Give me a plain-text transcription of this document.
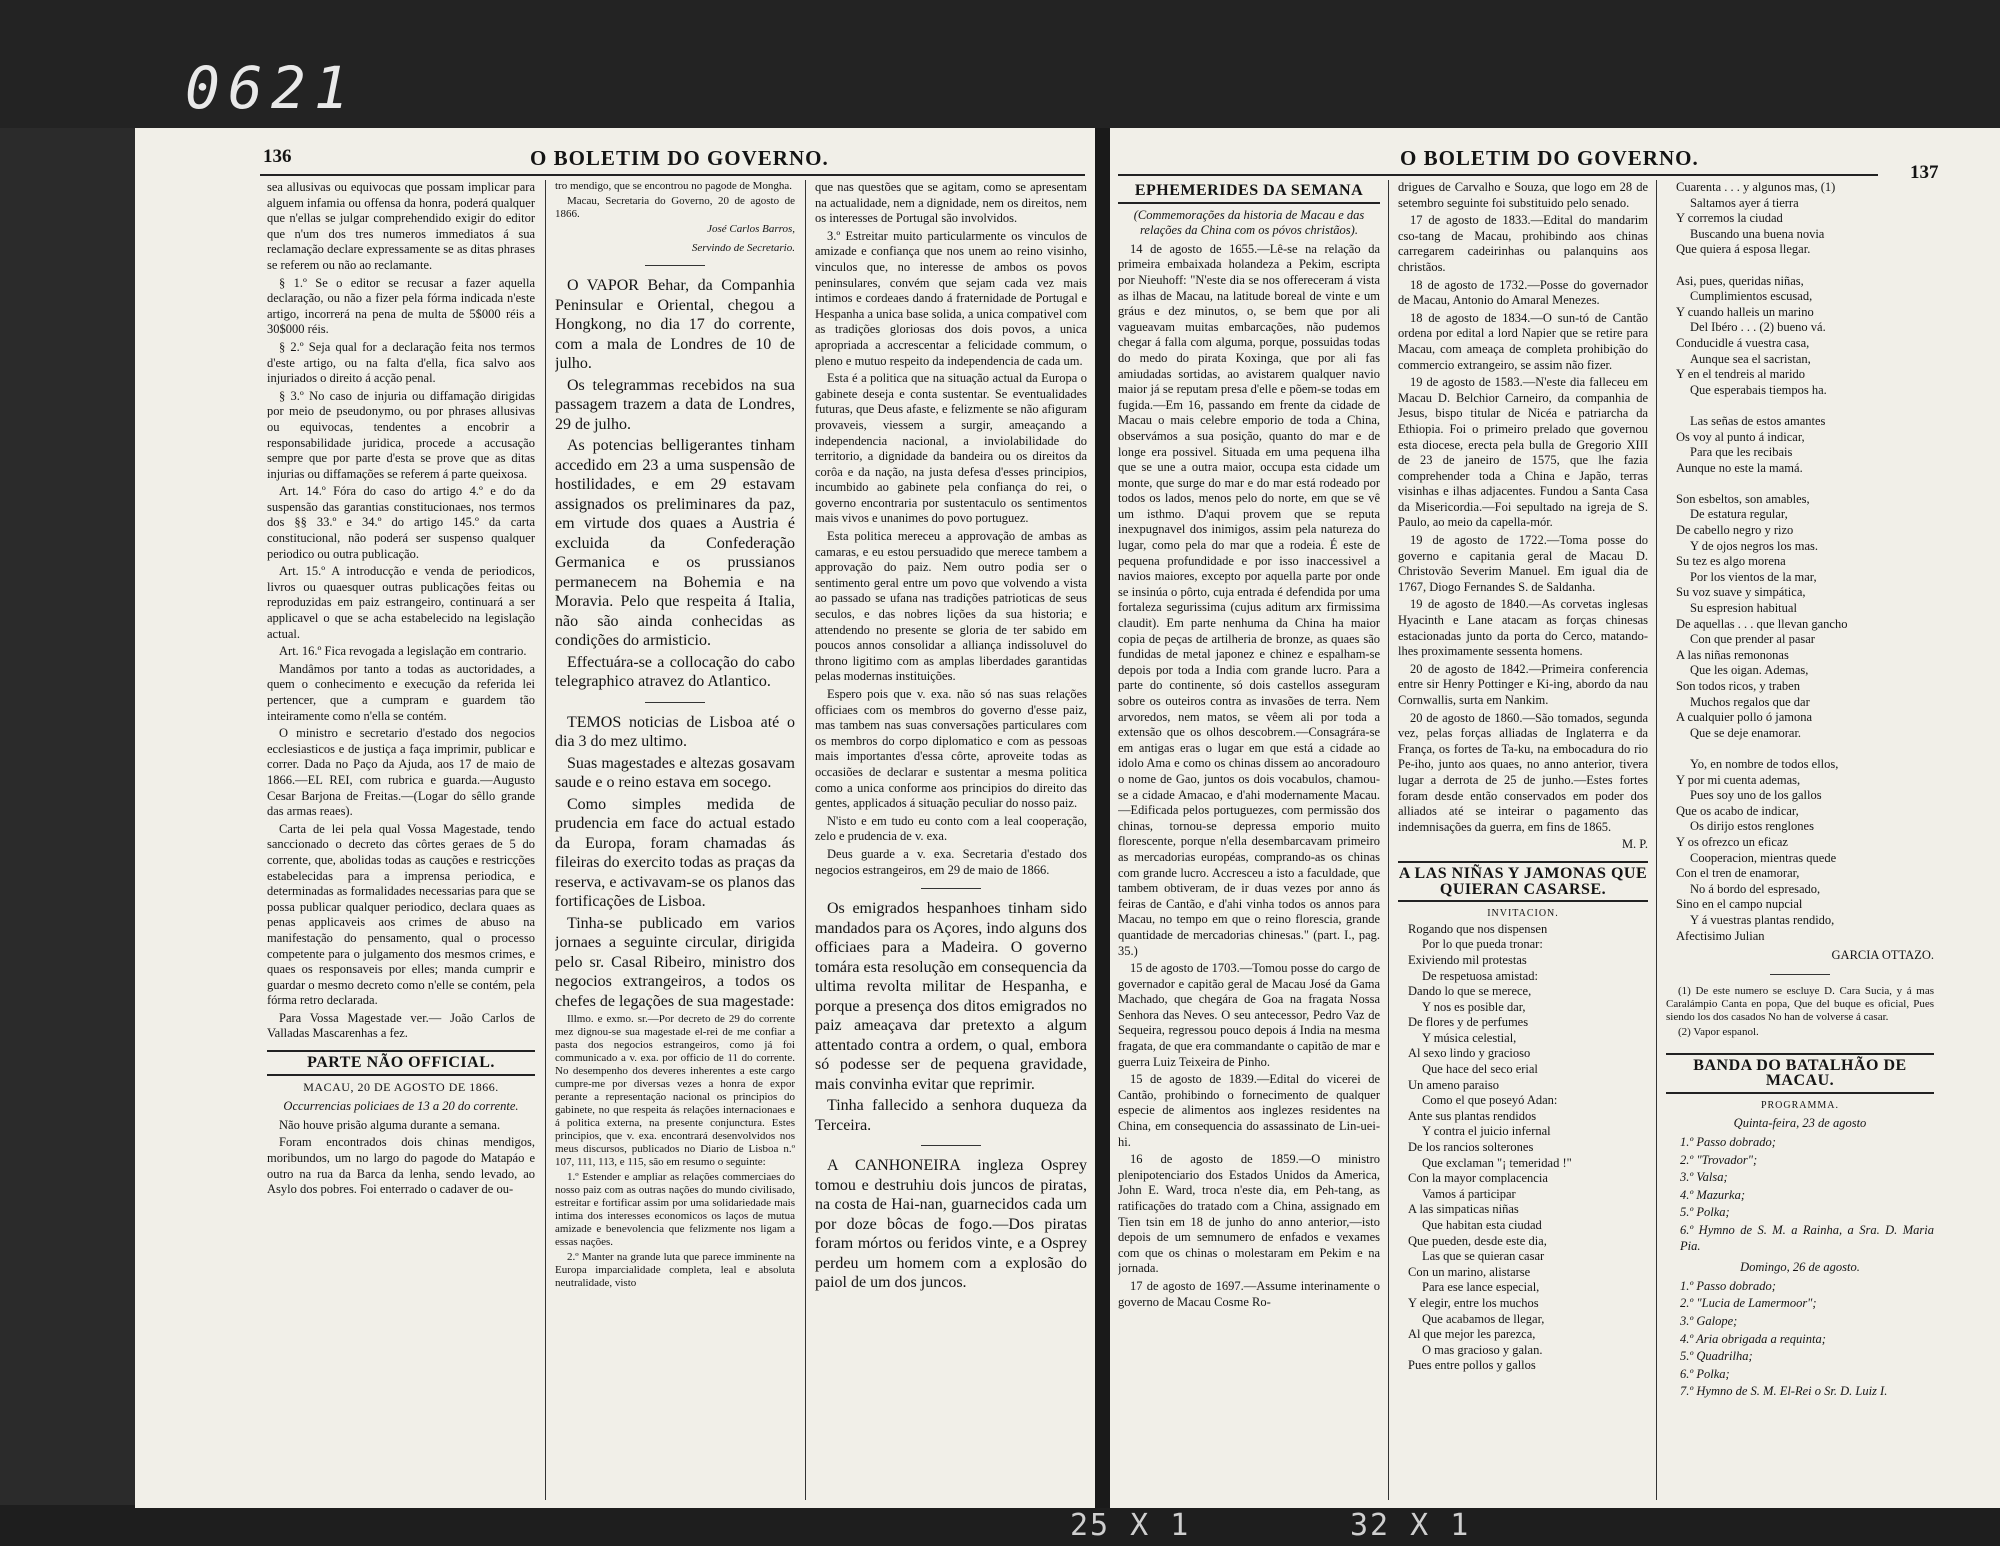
0621
25 X 1	32 X 1
136	O BOLETIM DO GOVERNO.

sea allusivas ou equivocas que possam implicar para alguem infamia ou offensa da honra, poderá qualquer que n'ellas se julgar comprehendido exigir do editor que n'um dos tres numeros immediatos á sua reclamação declare expressamente se as ditas phrases se referem ou não ao reclamante.

§ 1.º Se o editor se recusar a fazer aquella declaração, ou não a fizer pela fórma indicada n'este artigo, incorrerá na pena de multa de 5$000 réis a 30$000 réis.

§ 2.º Seja qual for a declaração feita nos termos d'este artigo, ou na falta d'ella, fica salvo aos injuriados o direito á acção penal.

§ 3.º No caso de injuria ou diffamação dirigidas por meio de pseudonymo, ou por phrases allusivas ou equivocas, tendentes a encobrir a responsabilidade juridica, procede a accusação sempre que por parte d'esta se prove que as ditas injurias ou diffamações se referem á parte queixosa.

Art. 14.º Fóra do caso do artigo 4.º e do da suspensão das garantias constitucionaes, nos termos dos §§ 33.º e 34.º do artigo 145.º da carta constitucional, não poderá ser suspenso qualquer periodico ou outra publicação.

Art. 15.º A introducção e venda de periodicos, livros ou quaesquer outras publicações feitas ou reproduzidas em paiz estrangeiro, continuará a ser applicavel o que se acha estabelecido na legislação actual.

Art. 16.º Fica revogada a legislação em contrario.

Mandâmos por tanto a todas as auctoridades, a quem o conhecimento e execução da referida lei pertencer, que a cumpram e guardem tão inteiramente como n'ella se contém.

O ministro e secretario d'estado dos negocios ecclesiasticos e de justiça a faça imprimir, publicar e correr. Dada no Paço da Ajuda, aos 17 de maio de 1866.—EL REI, com rubrica e guarda.—Augusto Cesar Barjona de Freitas.—(Logar do sêllo grande das armas reaes).

Carta de lei pela qual Vossa Magestade, tendo sanccionado o decreto das côrtes geraes de 5 do corrente, que, abolidas todas as cauções e restricções estabelecidas para a imprensa periodica, e determinadas as formalidades necessarias para que se possa publicar qualquer periodico, declara quaes as penas applicaveis aos crimes de abuso na manifestação do pensamento, qual o processo competente para o julgamento dos mesmos crimes, e quaes os responsaveis por elles; manda cumprir e guardar o mesmo decreto como n'elle se contém, pela fórma retro declarada.

Para Vossa Magestade ver.— João Carlos de Valladas Mascarenhas a fez.

PARTE NÃO OFFICIAL.
MACAU, 20 DE AGOSTO DE 1866.
Occurrencias policiaes de 13 a 20 do corrente.

Não houve prisão alguma durante a semana.

Foram encontrados dois chinas mendigos, moribundos, um no largo do pagode do Matapáo e outro na rua da Barca da lenha, sendo levado, ao Asylo dos pobres. Foi enterrado o cadaver de ou-

tro mendigo, que se encontrou no pagode de Mongha.

Macau, Secretaria do Governo, 20 de agosto de 1866.

José Carlos Barros,
Servindo de Secretario.

O VAPOR Behar, da Companhia Peninsular e Oriental, chegou a Hongkong, no dia 17 do corrente, com a mala de Londres de 10 de julho.

Os telegrammas recebidos na sua passagem trazem a data de Londres, 29 de julho.

As potencias belligerantes tinham accedido em 23 a uma suspensão de hostilidades, e em 29 estavam assignados os preliminares da paz, em virtude dos quaes a Austria é excluida da Confederação Germanica e os prussianos permanecem na Bohemia e na Moravia. Pelo que respeita á Italia, não são ainda conhecidas as condições do armisticio.

Effectuára-se a collocação do cabo telegraphico atravez do Atlantico.

TEMOS noticias de Lisboa até o dia 3 do mez ultimo.

Suas magestades e altezas gosavam saude e o reino estava em socego.

Como simples medida de prudencia em face do actual estado da Europa, foram chamadas ás fileiras do exercito todas as praças da reserva, e activavam-se os planos das fortificações de Lisboa.

Tinha-se publicado em varios jornaes a seguinte circular, dirigida pelo sr. Casal Ribeiro, ministro dos negocios extrangeiros, a todos os chefes de legações de sua magestade:

Illmo. e exmo. sr.—Por decreto de 29 do corrente mez dignou-se sua magestade el-rei de me confiar a pasta dos negocios estrangeiros, como já foi communicado a v. exa. por officio de 11 do corrente. No desempenho dos deveres inherentes a este cargo cumpre-me por diversas vezes a honra de expor perante a representação nacional os principios do gabinete, no que respeita ás relações internacionaes e á politica externa, na presente conjunctura. Estes principios, que v. exa. encontrará desenvolvidos nos meus discursos, publicados no Diario de Lisboa n.º 107, 111, 113, e 115, são em resumo o seguinte:

1.º Estender e ampliar as relações commerciaes do nosso paiz com as outras nações do mundo civilisado, estreitar e fortificar assim por uma solidariedade mais intima dos interesses economicos os laços de mutua amizade e benevolencia que felizmente nos ligam a essas nações.

2.º Manter na grande luta que parece imminente na Europa imparcialidade completa, leal e absoluta neutralidade, visto

que nas questões que se agitam, como se apresentam na actualidade, nem a dignidade, nem os direitos, nem os interesses de Portugal são involvidos.

3.º Estreitar muito particularmente os vinculos de amizade e confiança que nos unem ao reino visinho, vinculos que, no interesse de ambos os povos peninsulares, convém que sejam cada vez mais intimos e cordeaes dando á fraternidade de Portugal e Hespanha a unica base solida, a unica compativel com as tradições gloriosas dos dois povos, a unica apropriada a accrescentar a felicidade commum, o pleno e mutuo respeito da independencia de cada um.

Esta é a politica que na situação actual da Europa o gabinete deseja e conta sustentar. Se eventualidades futuras, que Deus afaste, e felizmente se não afiguram provaveis, viessem a surgir, ameaçando a independencia nacional, a inviolabilidade do territorio, a dignidade da bandeira ou os direitos da corôa e da nação, na justa defesa d'esses principios, incumbido ao gabinete pela confiança do rei, o governo encontraria por sustentaculo os sentimentos mais vivos e unanimes do povo portuguez.

Esta politica mereceu a approvação de ambas as camaras, e eu estou persuadido que merece tambem a approvação do paiz. Nem outro podia ser o sentimento geral entre um povo que volvendo a vista ao passado se ufana nas tradições patrioticas de seus seculos, e das nobres lições da sua historia; e attendendo no presente se gloria de ter sabido em poucos annos consolidar a alliança indissoluvel do throno ligitimo com as amplas liberdades garantidas pelas modernas instituições.

Espero pois que v. exa. não só nas suas relações officiaes com os membros do governo d'esse paiz, mas tambem nas suas conversações particulares com os membros do corpo diplomatico e com as pessoas mais importantes d'essa côrte, aproveite todas as occasiões de declarar e sustentar a mesma politica como a unica conforme aos principios do direito das gentes, applicados á situação peculiar do nosso paiz.

N'isto e em tudo eu conto com a leal cooperação, zelo e prudencia de v. exa.

Deus guarde a v. exa. Secretaria d'estado dos negocios estrangeiros, em 29 de maio de 1866.

Os emigrados hespanhoes tinham sido mandados para os Açores, indo alguns dos officiaes para a Madeira. O governo tomára esta resolução em consequencia da ultima revolta militar de Hespanha, e porque a presença dos ditos emigrados no paiz ameaçava dar pretexto a algum attentado contra a ordem, o qual, embora só podesse ser de pequena gravidade, mais convinha evitar que reprimir.

Tinha fallecido a senhora duqueza da Terceira.

A CANHONEIRA ingleza Osprey tomou e destruhiu dois juncos de piratas, na costa de Hai-nan, guarnecidos cada um por doze bôcas de fogo.—Dos piratas foram mórtos ou feridos vinte, e a Osprey perdeu um homem com a explosão do paiol de um dos juncos.

O BOLETIM DO GOVERNO.
137
EPHEMERIDES DA SEMANA
(Commemorações da historia de Macau e das relações da China com os póvos christãos).

14 de agosto de 1655.—Lê-se na relação da primeira embaixada holandeza a Pekim, escripta por Nieuhoff: "N'este dia se nos offereceram á vista as ilhas de Macau, na latitude boreal de vinte e um gráus e dez minutos, o, se bem que por ali vagueavam muitas embarcações, não pudemos chegar á falla com alguma, porque, possuidas todas do medo do pirata Koxinga, que por ali fas amiudadas sortidas, ao avistarem qualquer navio maior já se reputam presa d'elle e põem-se todas em fugida.—Em 16, passando em frente da cidade de Macau o mais celebre emporio de toda a China, observámos a sua posição, quanto do mar e de longe era possivel. Situada em uma pequena ilha que se une a outra maior, occupa esta cidade um monte, que surge do mar e do mar está rodeado por todos os lados, menos pelo do norte, em que se vê um isthmo. D'aqui provem que se reputa inexpugnavel dos inimigos, assim pela natureza do lugar, como pela do mar que a rodeia. É este de pequena profundidade e por isso inaccessivel a navios maiores, excepto por aquella parte por onde se insinúa o pôrto, cuja entrada é defendida por uma fortaleza segurissima (cujus aditum arx firmissima claudit). Em parte nenhuma da China ha maior copia de peças de artilheria de bronze, as quaes são fundidas de metal japonez e chinez e espalham-se depois por toda a India com grande lucro. Para a parte do continente, só dois castellos asseguram sobre os outeiros contra as invasões de terra. Nem arvoredos, nem matos, se vêem ali por toda a extensão que os olhos descobrem.—Consagrára-se em antigas eras o lugar em que está a cidade ao idolo Ama e como os chinas dissem ao ancoradouro o nome de Gao, juntos os dois vocabulos, chamou-se a cidade Amacao, e d'ahi modernamente Macau.—Edificada pelos portuguezes, com permissão dos chinas, tornou-se depressa emporio muito florescente, porque n'ella desembarcavam primeiro as mercadorias européas, comprando-as os chinas com grande lucro. Accresceu a isto a faculdade, que tambem obtiveram, de ir duas vezes por anno ás feiras de Cantão, e d'ahi vinha todos os annos para Macau, no tempo em que o reino florescia, grande quantidade de mercadorias chinesas." (part. I., pag. 35.)

15 de agosto de 1703.—Tomou posse do cargo de governador e capitão geral de Macau José da Gama Machado, que chegára de Goa na fragata Nossa Senhora das Neves. O seu antecessor, Pedro Vaz de Sequeira, regressou pouco depois á India na mesma fragata, de que era commandante o capitão de mar e guerra Luiz Teixeira de Pinho.

15 de agosto de 1839.—Edital do vicerei de Cantão, prohibindo o fornecimento de qualquer especie de alimentos aos inglezes residentes na China, em consequencia do assassinato de Lin-uei-hi.

16 de agosto de 1859.—O ministro plenipotenciario dos Estados Unidos da America, John E. Ward, troca n'este dia, em Peh-tang, as ratificações do tratado com a China, assignado em Tien tsin em 18 de junho do anno anterior,—isto depois de um semnumero de enfados e vexames com que os chinas o molestaram em Pekim e na jornada.

17 de agosto de 1697.—Assume interinamente o governo de Macau Cosme Ro-

drigues de Carvalho e Souza, que logo em 28 de setembro seguinte foi substituido pelo senado.

17 de agosto de 1833.—Edital do mandarim cso-tang de Macau, prohibindo aos chinas carregarem cadeirinhas ou palanquins aos christãos.

18 de agosto de 1732.—Posse do governador de Macau, Antonio do Amaral Menezes.

18 de agosto de 1834.—O sun-tó de Cantão ordena por edital a lord Napier que se retire para Macau, com ameaça de completa prohibição do commercio extrangeiro, se assim não fizer.

19 de agosto de 1583.—N'este dia falleceu em Macau D. Belchior Carneiro, da companhia de Jesus, bispo titular de Nicéa e patriarcha da Ethiopia. Foi o primeiro prelado que governou esta diocese, erecta pela bulla de Gregorio XIII de 23 de janeiro de 1575, que lhe fazia comprehender toda a China e Japão, terras visinhas e ilhas adjacentes. Fundou a Santa Casa da Misericordia.—Foi sepultado na igreja de S. Paulo, ao meio da capella-mór.

19 de agosto de 1722.—Toma posse do governo e capitania geral de Macau D. Christovão Severim Manuel. Em igual dia de 1767, Diogo Fernandes S. de Saldanha.

19 de agosto de 1840.—As corvetas inglesas Hyacinth e Lane atacam as forças chinesas estacionadas junto da porta do Cerco, matando-lhes proximamente sessenta homens.

20 de agosto de 1842.—Primeira conferencia entre sir Henry Pottinger e Ki-ing, abordo da nau Cornwallis, surta em Nankim.

20 de agosto de 1860.—São tomados, segunda vez, pelas forças alliadas de Inglaterra e da França, os fortes de Ta-ku, na embocadura do rio Pe-iho, junto aos quaes, no anno anterior, tivera lugar a derrota de 25 de junho.—Estes fortes foram desde então conservados em poder dos alliados até se inteirar o pagamento das indemnisações da guerra, em fins de 1865.

M. P.
A LAS NIÑAS Y JAMONAS QUE QUIERAN CASARSE.
INVITACION.

Rogando que nos dispensen

Por lo que pueda tronar:

Exiviendo mil protestas

De respetuosa amistad:

Dando lo que se merece,

Y nos es posible dar,

De flores y de perfumes

Y música celestial,

Al sexo lindo y gracioso

Que hace del seco erial

Un ameno paraiso

Como el que poseyó Adan:

Ante sus plantas rendidos

Y contra el juicio infernal

De los rancios solterones

Que exclaman "¡ temeridad !"

Con la mayor complacencia

Vamos á participar

A las simpaticas niñas

Que habitan esta ciudad

Que pueden, desde este dia,

Las que se quieran casar

Con un marino, alistarse

Para ese lance especial,

Y elegir, entre los muchos

Que acabamos de llegar,

Al que mejor les parezca,

O mas gracioso y galan.

Pues entre pollos y gallos

Cuarenta . . . y algunos mas, (1)

Saltamos ayer á tierra

Y corremos la ciudad

Buscando una buena novia

Que quiera á esposa llegar.

Asi, pues, queridas niñas,

Cumplimientos escusad,

Y cuando halleis un marino

Del Ibéro . . . (2) bueno vá.

Conducidle á vuestra casa,

Aunque sea el sacristan,

Y en el tendreis al marido

Que esperabais tiempos ha.

Las señas de estos amantes

Os voy al punto á indicar,

Para que les recibais

Aunque no este la mamá.

Son esbeltos, son amables,

De estatura regular,

De cabello negro y rizo

Y de ojos negros los mas.

Su tez es algo morena

Por los vientos de la mar,

Su voz suave y simpática,

Su espresion habitual

De aquellas . . . que llevan gancho

Con que prender al pasar

A las niñas remononas

Que les oigan. Ademas,

Son todos ricos, y traben

Muchos regalos que dar

A cualquier pollo ó jamona

Que se deje enamorar.

Yo, en nombre de todos ellos,

Y por mi cuenta ademas,

Pues soy uno de los gallos

Que os acabo de indicar,

Os dirijo estos renglones

Y os ofrezco un eficaz

Cooperacion, mientras quede

Con el tren de enamorar,

No á bordo del espresado,

Sino en el campo nupcial

Y á vuestras plantas rendido,

Afectisimo Julian

GARCIA OTTAZO.

(1) De este numero se escluye D. Cara Sucia, y á mas Caralámpio Canta en popa, Que del buque es oficial, Pues siendo los dos casados No han de volverse á casar.

(2) Vapor espanol.

BANDA DO BATALHÃO DE MACAU.
PROGRAMMA.
Quinta-feira, 23 de agosto

1.º Passo dobrado;

2.º "Trovador";

3.º Valsa;

4.º Mazurka;

5.º Polka;

6.º Hymno de S. M. a Rainha, a Sra. D. Maria Pia.

Domingo, 26 de agosto.

1.º Passo dobrado;

2.º "Lucia de Lamermoor";

3.º Galope;

4.º Aria obrigada a requinta;

5.º Quadrilha;

6.º Polka;

7.º Hymno de S. M. El-Rei o Sr. D. Luiz I.
